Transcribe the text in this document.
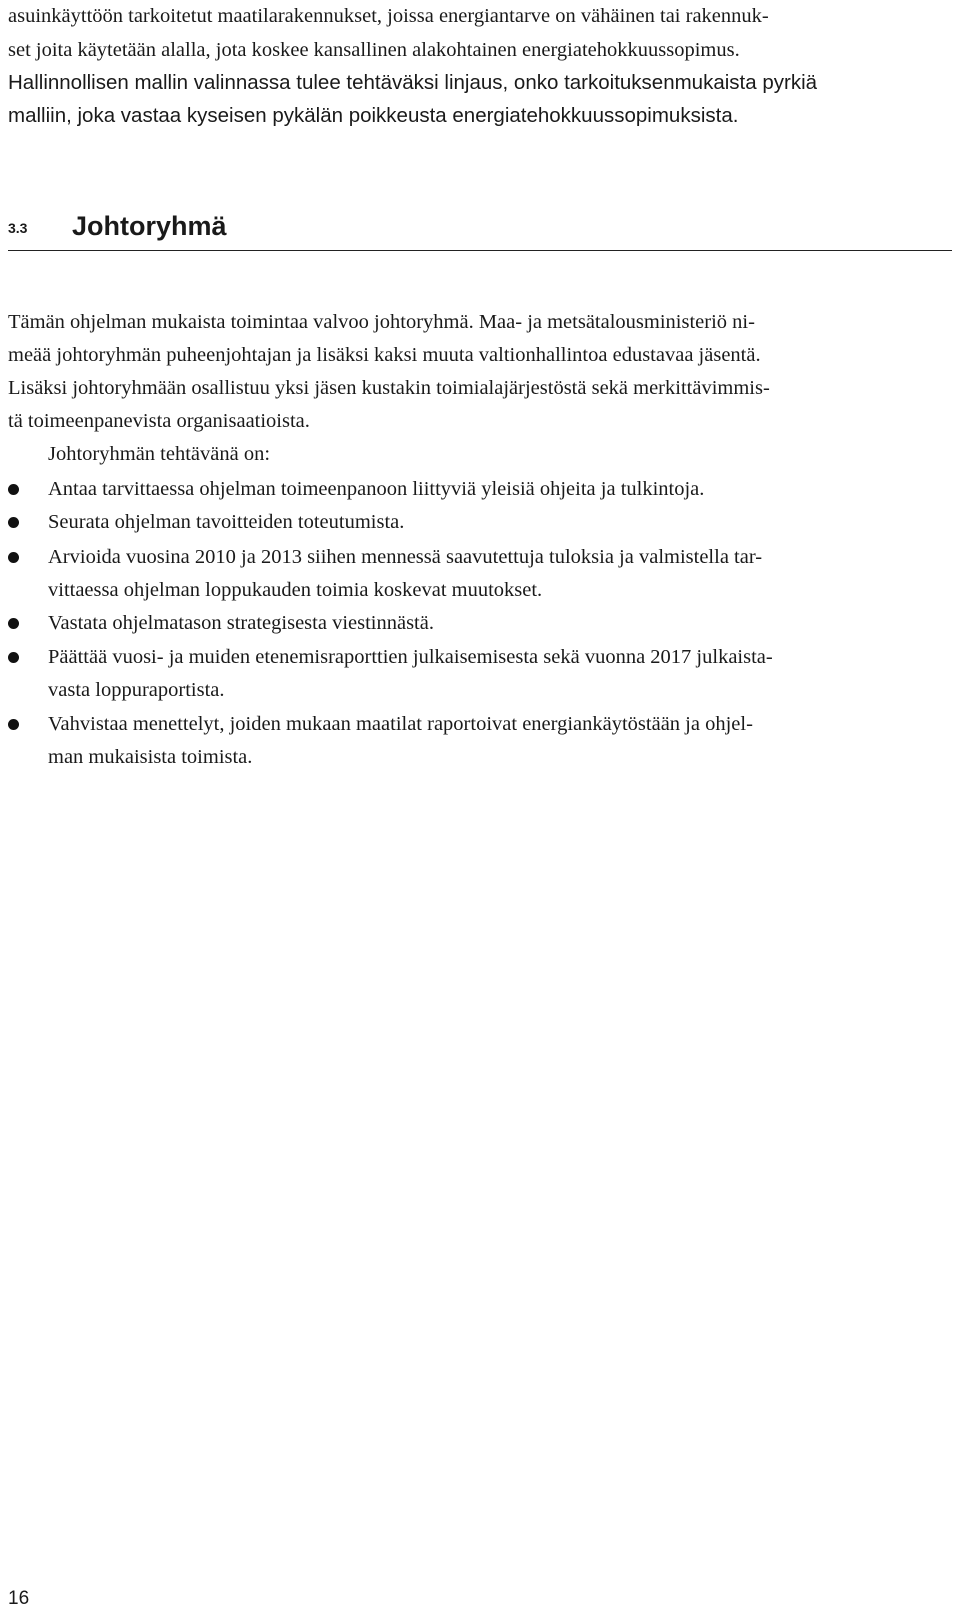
asuinkäyttöön tarkoitetut maatilarakennukset, joissa energiantarve on vähäinen tai rakennuk-
set joita käytetään alalla, jota koskee kansallinen alakohtainen energiatehokkuussopimus.
Hallinnollisen mallin valinnassa tulee tehtäväksi linjaus, onko tarkoituksenmukaista pyrkiä
malliin, joka vastaa kyseisen pykälän poikkeusta energiatehokkuussopimuksista.
3.3 Johtoryhmä
Tämän ohjelman mukaista toimintaa valvoo johtoryhmä. Maa- ja metsätalousministeriö ni-
meää johtoryhmän puheenjohtajan ja lisäksi kaksi muuta valtionhallintoa edustavaa jäsentä.
Lisäksi johtoryhmään osallistuu yksi jäsen kustakin toimialajärjestöstä sekä merkittävimmis-
tä toimeenpanevista organisaatioista.
Johtoryhmän tehtävänä on:
Antaa tarvittaessa ohjelman toimeenpanoon liittyviä yleisiä ohjeita ja tulkintoja.
Seurata ohjelman tavoitteiden toteutumista.
Arvioida vuosina 2010 ja 2013 siihen mennessä saavutettuja tuloksia ja valmistella tar-
vittaessa ohjelman loppukauden toimia koskevat muutokset.
Vastata ohjelmatason strategisesta viestinnästä.
Päättää vuosi- ja muiden etenemisraporttien julkaisemisesta sekä vuonna 2017 julkaista-
vasta loppuraportista.
Vahvistaa menettelyt, joiden mukaan maatilat raportoivat energiankäytöstään ja ohjel-
man mukaisista toimista.
16
